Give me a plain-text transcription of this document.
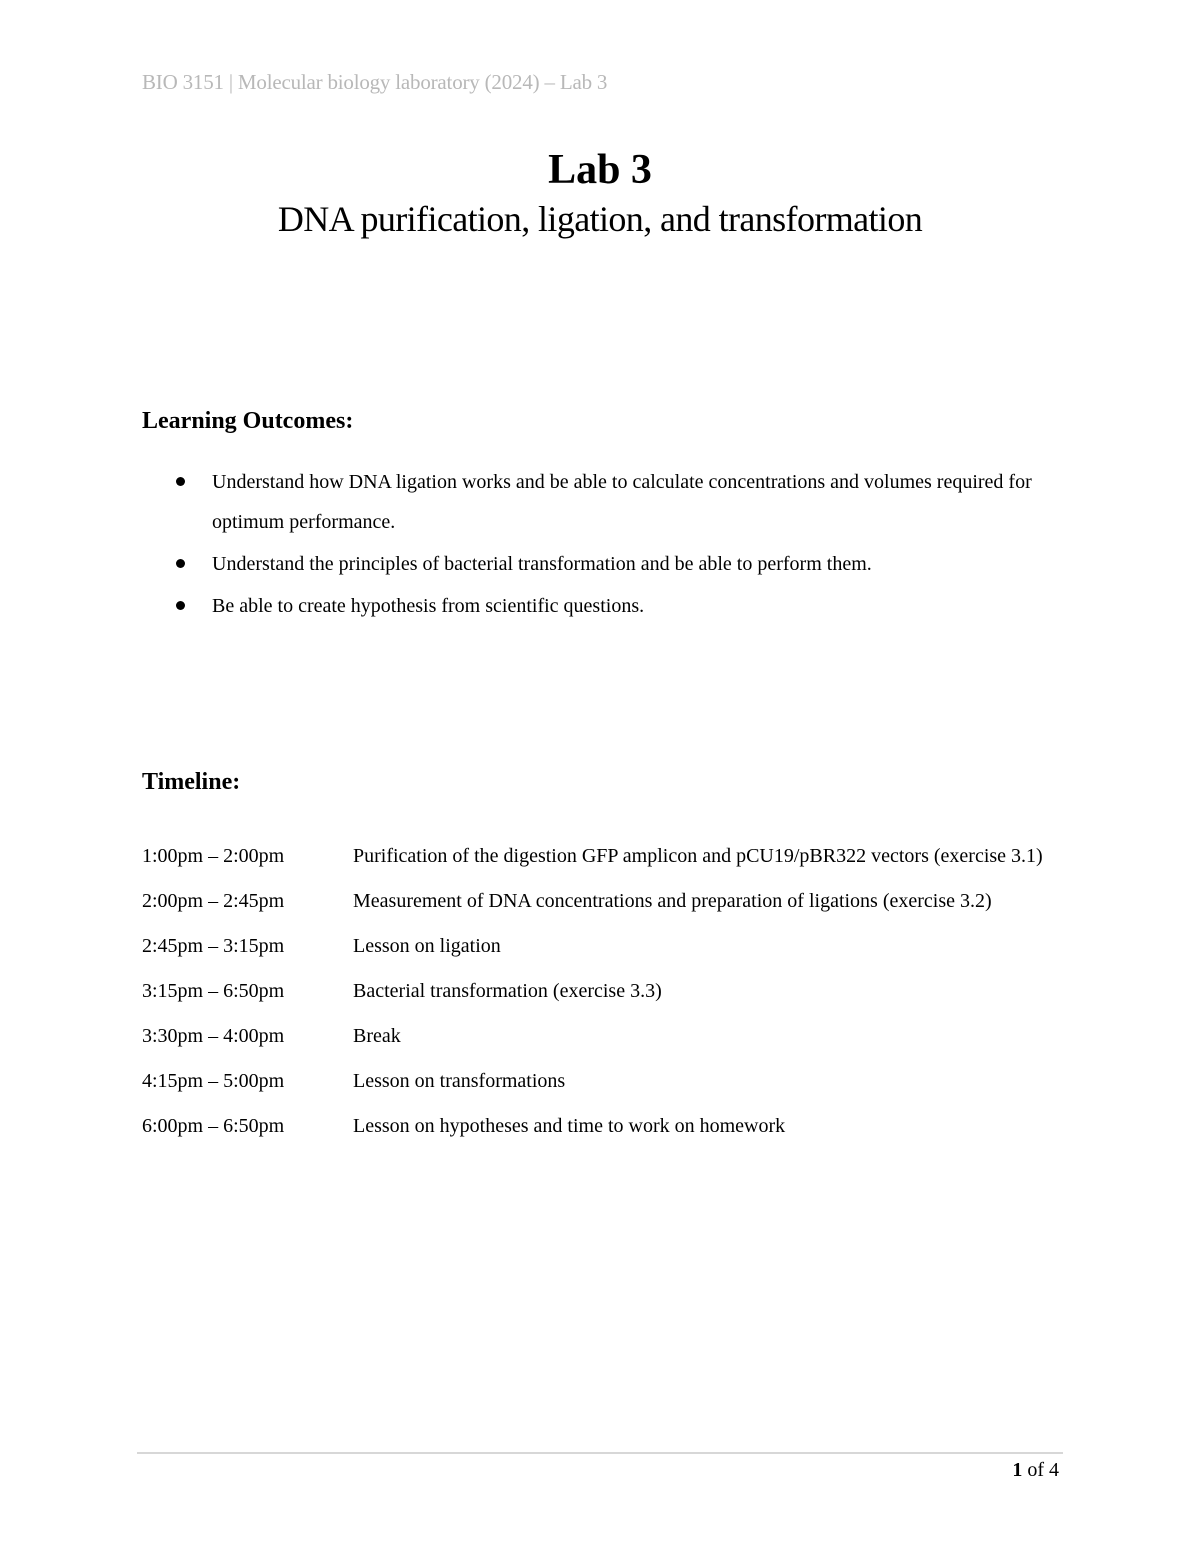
BIO 3151 | Molecular biology laboratory (2024) – Lab 3
Lab 3
DNA purification, ligation, and transformation
Learning Outcomes:
Understand how DNA ligation works and be able to calculate concentrations and volumes required for optimum performance.
Understand the principles of bacterial transformation and be able to perform them.
Be able to create hypothesis from scientific questions.
Timeline:
1:00pm – 2:00pm	Purification of the digestion GFP amplicon and pCU19/pBR322 vectors (exercise 3.1)
2:00pm – 2:45pm	Measurement of DNA concentrations and preparation of ligations (exercise 3.2)
2:45pm – 3:15pm	Lesson on ligation
3:15pm – 6:50pm	Bacterial transformation (exercise 3.3)
3:30pm – 4:00pm	Break
4:15pm – 5:00pm	Lesson on transformations
6:00pm – 6:50pm	Lesson on hypotheses and time to work on homework
1 of 4
